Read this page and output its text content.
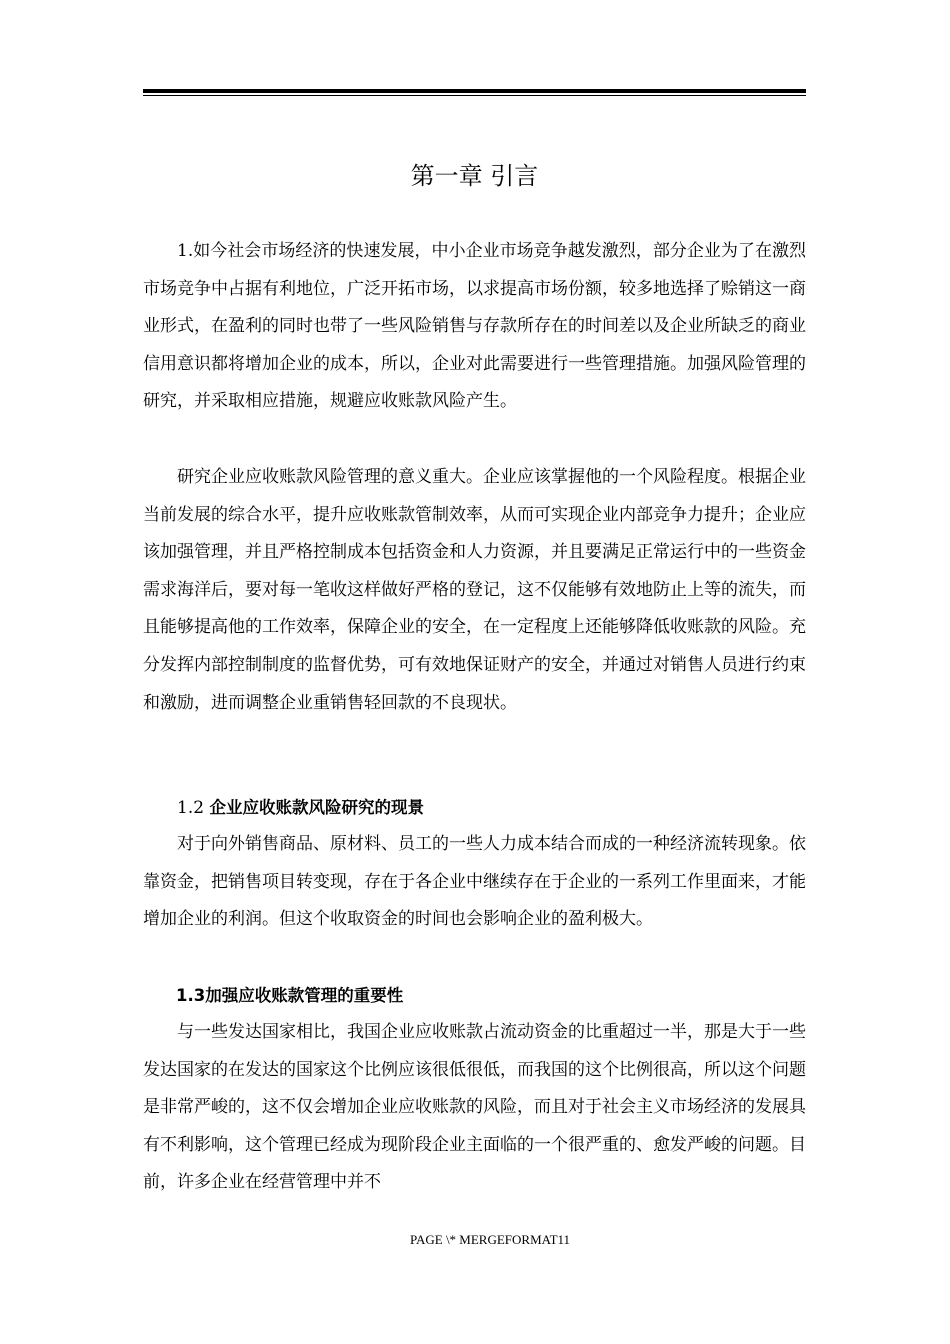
第一章 引言

1.如今社会市场经济的快速发展，中小企业市场竞争越发激烈，部分企业为了在激烈市场竞争中占据有利地位，广泛开拓市场，以求提高市场份额，较多地选择了赊销这一商业形式，在盈利的同时也带了一些风险销售与存款所存在的时间差以及企业所缺乏的商业信用意识都将增加企业的成本，所以，企业对此需要进行一些管理措施。加强风险管理的研究，并采取相应措施，规避应收账款风险产生。

研究企业应收账款风险管理的意义重大。企业应该掌握他的一个风险程度。根据企业当前发展的综合水平，提升应收账款管制效率，从而可实现企业内部竞争力提升；企业应该加强管理，并且严格控制成本包括资金和人力资源，并且要满足正常运行中的一些资金需求海洋后，要对每一笔收这样做好严格的登记，这不仅能够有效地防止上等的流失，而且能够提高他的工作效率，保障企业的安全，在一定程度上还能够降低收账款的风险。充分发挥内部控制制度的监督优势，可有效地保证财产的安全，并通过对销售人员进行约束和激励，进而调整企业重销售轻回款的不良现状。

1.2 企业应收账款风险研究的现景

对于向外销售商品、原材料、员工的一些人力成本结合而成的一种经济流转现象。依靠资金，把销售项目转变现，存在于各企业中继续存在于企业的一系列工作里面来，才能增加企业的利润。但这个收取资金的时间也会影响企业的盈利极大。

1.3加强应收账款管理的重要性

与一些发达国家相比，我国企业应收账款占流动资金的比重超过一半，那是大于一些发达国家的在发达的国家这个比例应该很低很低，而我国的这个比例很高，所以这个问题是非常严峻的，这不仅会增加企业应收账款的风险，而且对于社会主义市场经济的发展具有不利影响，这个管理已经成为现阶段企业主面临的一个很严重的、愈发严峻的问题。目前，许多企业在经营管理中并不

PAGE \* MERGEFORMAT11
